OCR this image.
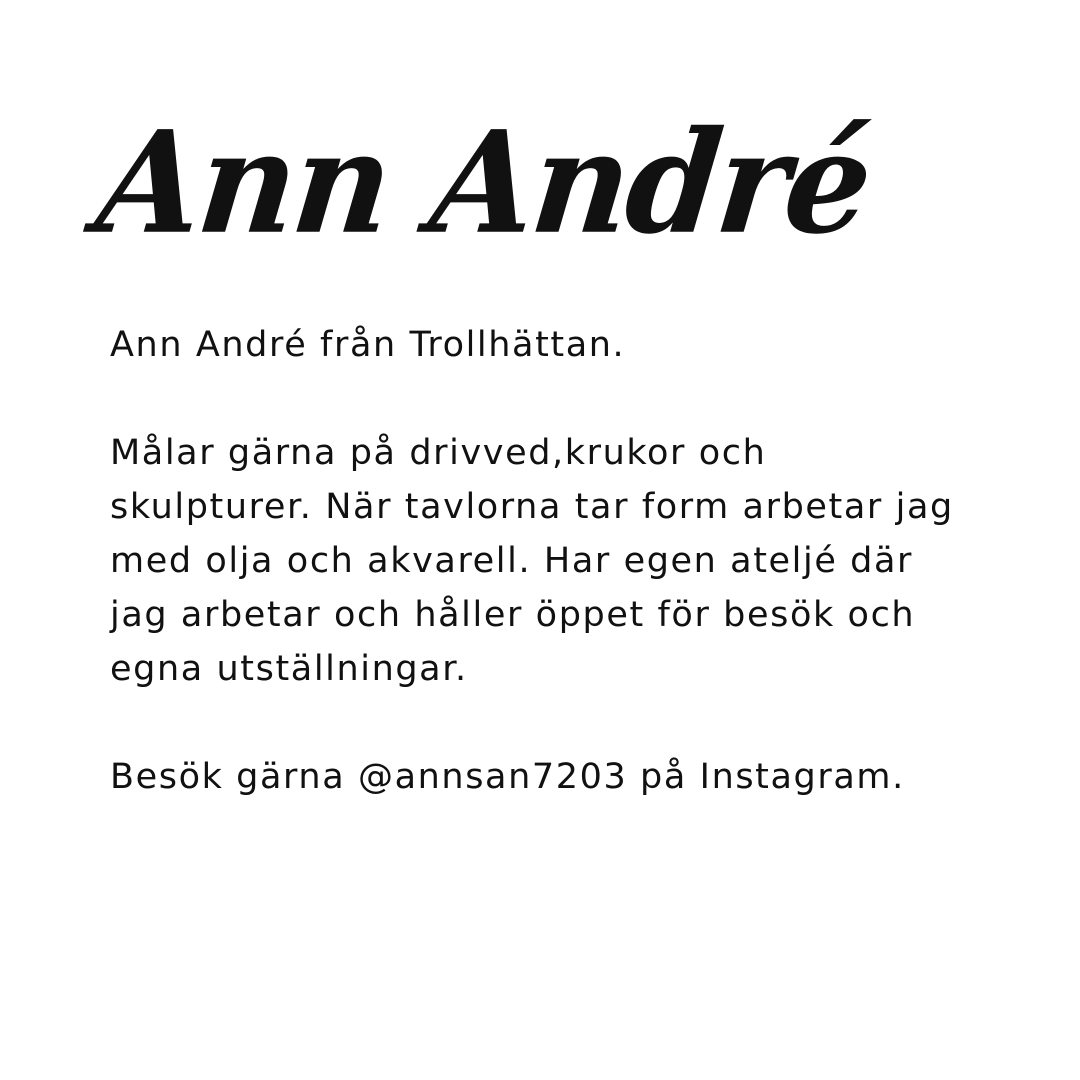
Ann André

Ann André från Trollhättan.

Målar gärna på drivved,krukor och

skulpturer. När tavlorna tar form arbetar jag

med olja och akvarell. Har egen ateljé där

jag arbetar och håller öppet för besök och

egna utställningar.

Besök gärna @annsan7203 på Instagram.
